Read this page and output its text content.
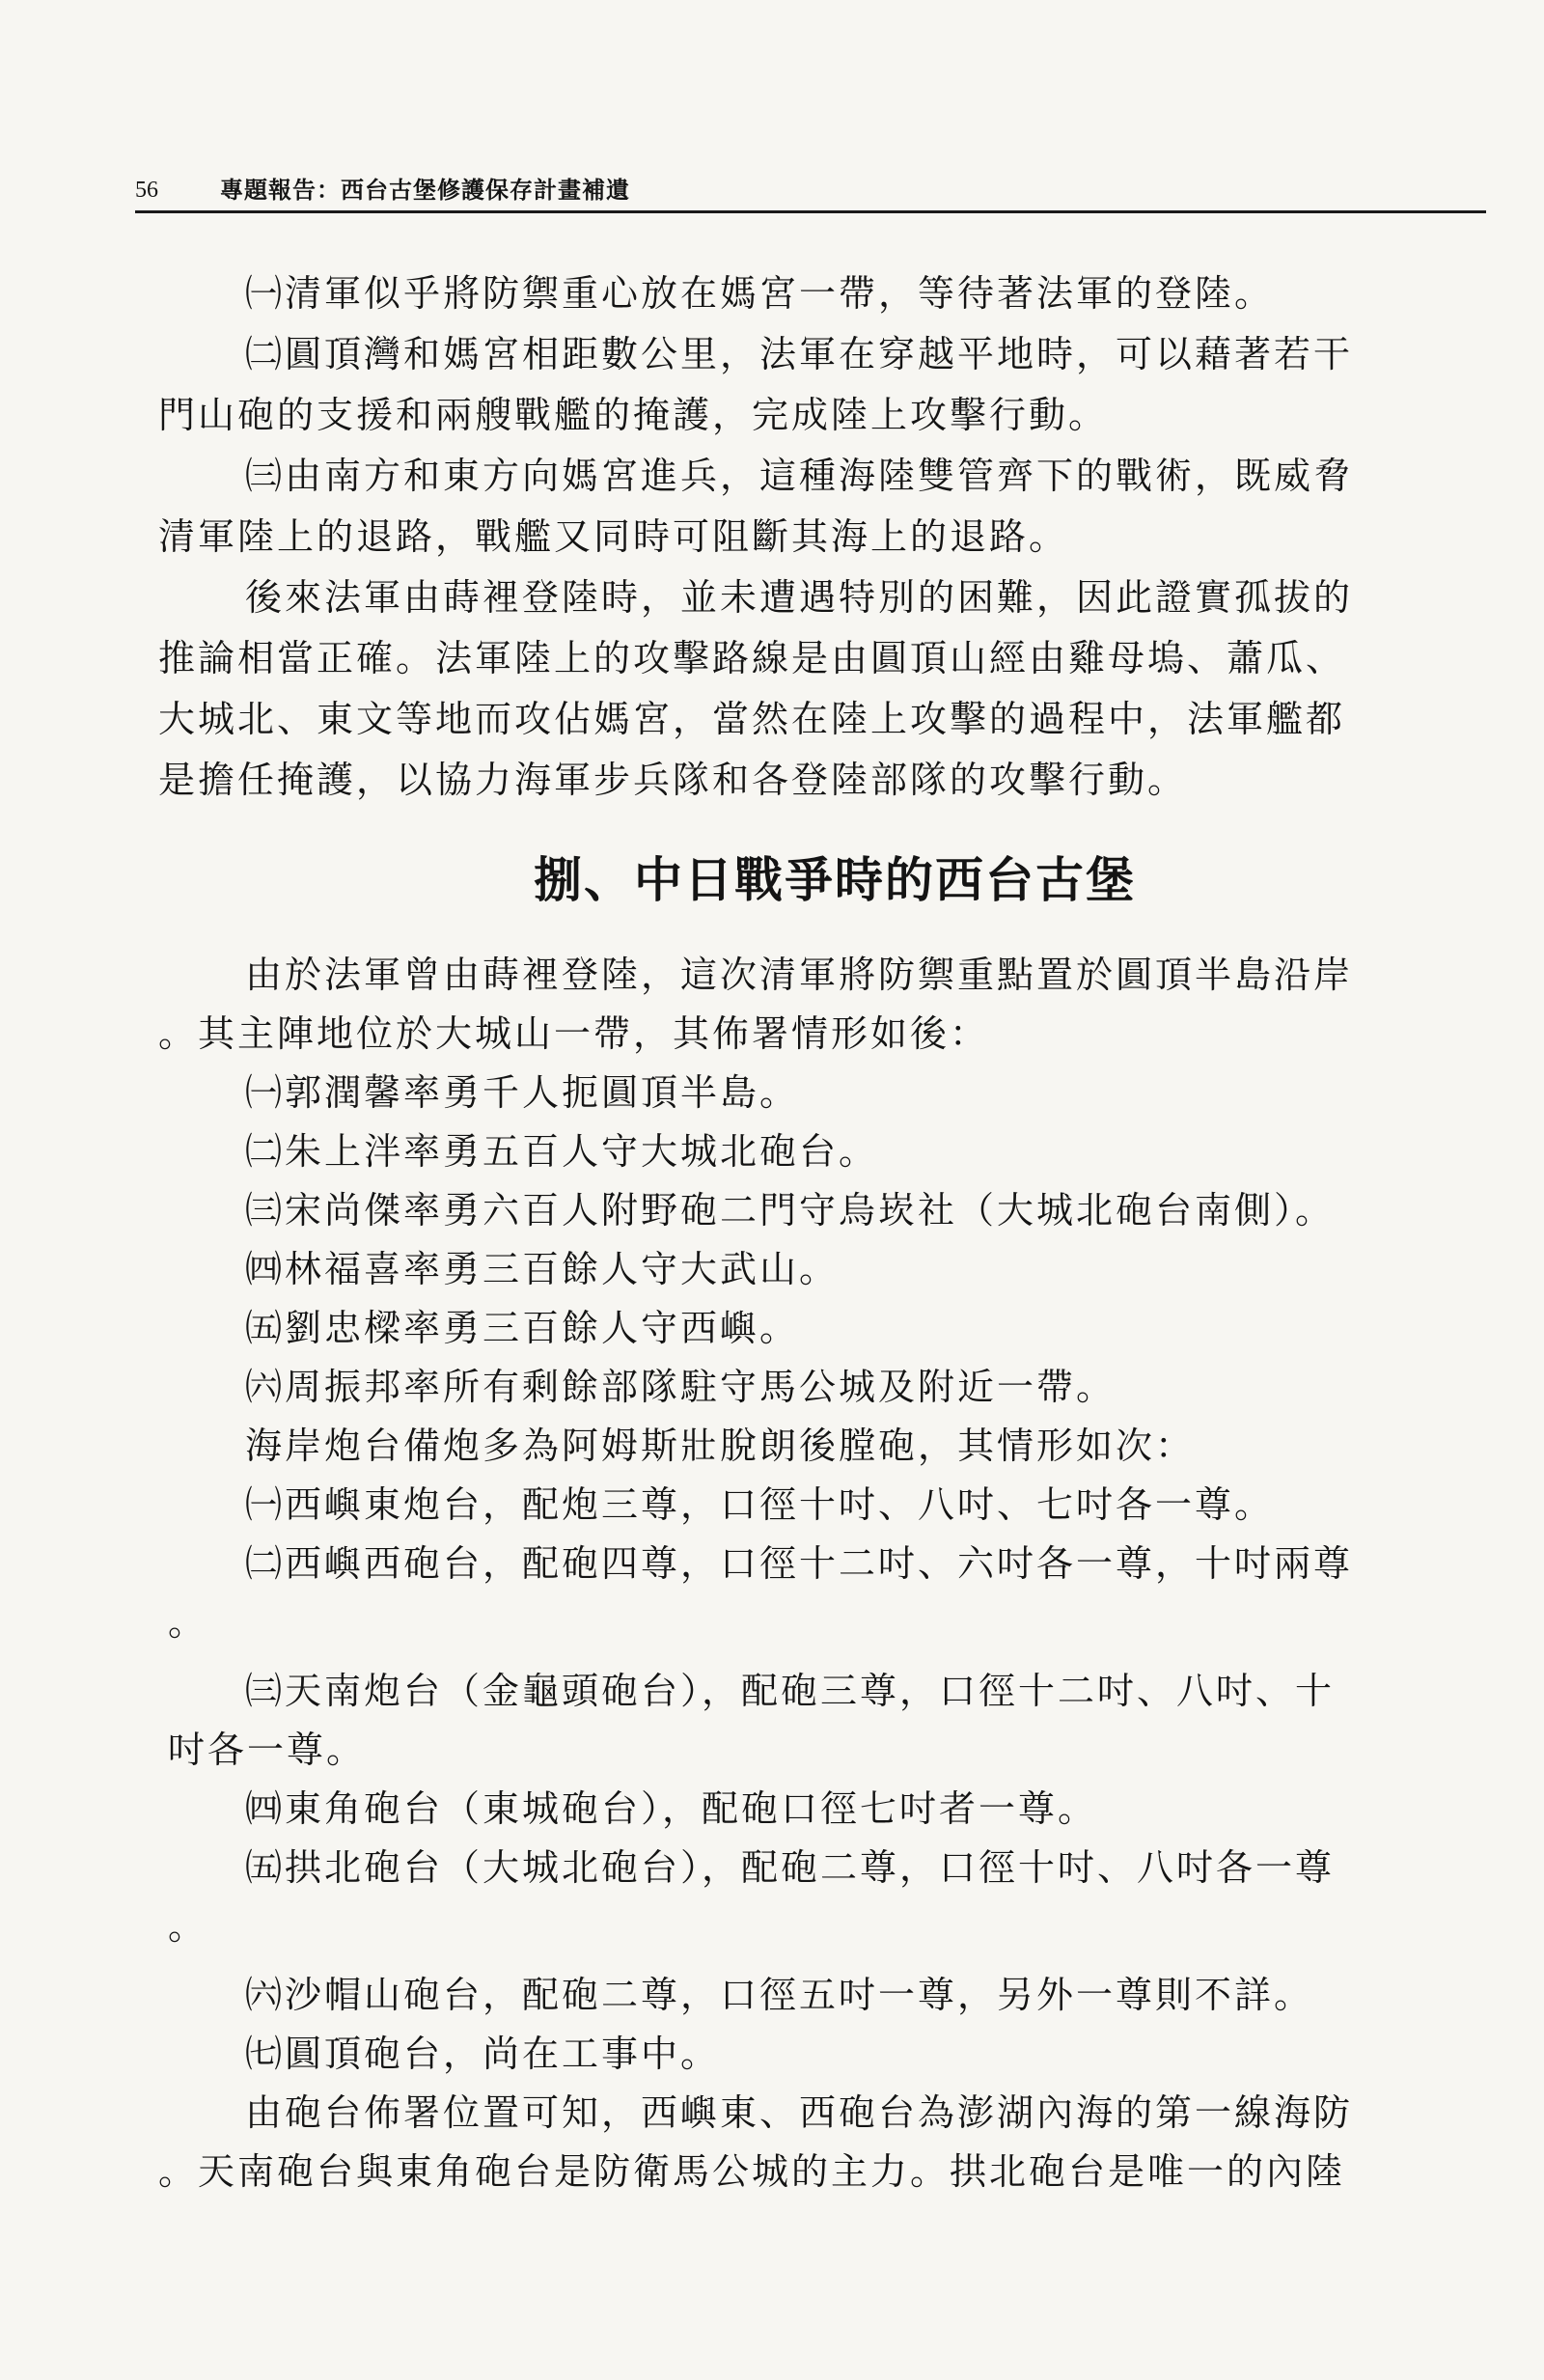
56	專題報告：西台古堡修護保存計畫補遺
㈠清軍似乎將防禦重心放在媽宮一帶，等待著法軍的登陸。
㈡圓頂灣和媽宮相距數公里，法軍在穿越平地時，可以藉著若干
門山砲的支援和兩艘戰艦的掩護，完成陸上攻擊行動。
㈢由南方和東方向媽宮進兵，這種海陸雙管齊下的戰術，既威脅
清軍陸上的退路，戰艦又同時可阻斷其海上的退路。
後來法軍由蒔裡登陸時，並未遭遇特別的困難，因此證實孤拔的
推論相當正確。法軍陸上的攻擊路線是由圓頂山經由雞母塢、蕭瓜、
大城北、東文等地而攻佔媽宮，當然在陸上攻擊的過程中，法軍艦都
是擔任掩護，以協力海軍步兵隊和各登陸部隊的攻擊行動。
捌、中日戰爭時的西台古堡
由於法軍曾由蒔裡登陸，這次清軍將防禦重點置於圓頂半島沿岸
。其主陣地位於大城山一帶，其佈署情形如後：
㈠郭潤馨率勇千人扼圓頂半島。
㈡朱上泮率勇五百人守大城北砲台。
㈢宋尚傑率勇六百人附野砲二門守烏崁社（大城北砲台南側）。
㈣林福喜率勇三百餘人守大武山。
㈤劉忠樑率勇三百餘人守西嶼。
㈥周振邦率所有剩餘部隊駐守馬公城及附近一帶。
海岸炮台備炮多為阿姆斯壯脫朗後膛砲，其情形如次：
㈠西嶼東炮台，配炮三尊，口徑十吋、八吋、七吋各一尊。
㈡西嶼西砲台，配砲四尊，口徑十二吋、六吋各一尊，十吋兩尊
。
㈢天南炮台（金龜頭砲台），配砲三尊，口徑十二吋、八吋、十
吋各一尊。
㈣東角砲台（東城砲台），配砲口徑七吋者一尊。
㈤拱北砲台（大城北砲台），配砲二尊，口徑十吋、八吋各一尊
。
㈥沙帽山砲台，配砲二尊，口徑五吋一尊，另外一尊則不詳。
㈦圓頂砲台，尚在工事中。
由砲台佈署位置可知，西嶼東、西砲台為澎湖內海的第一線海防
。天南砲台與東角砲台是防衛馬公城的主力。拱北砲台是唯一的內陸
